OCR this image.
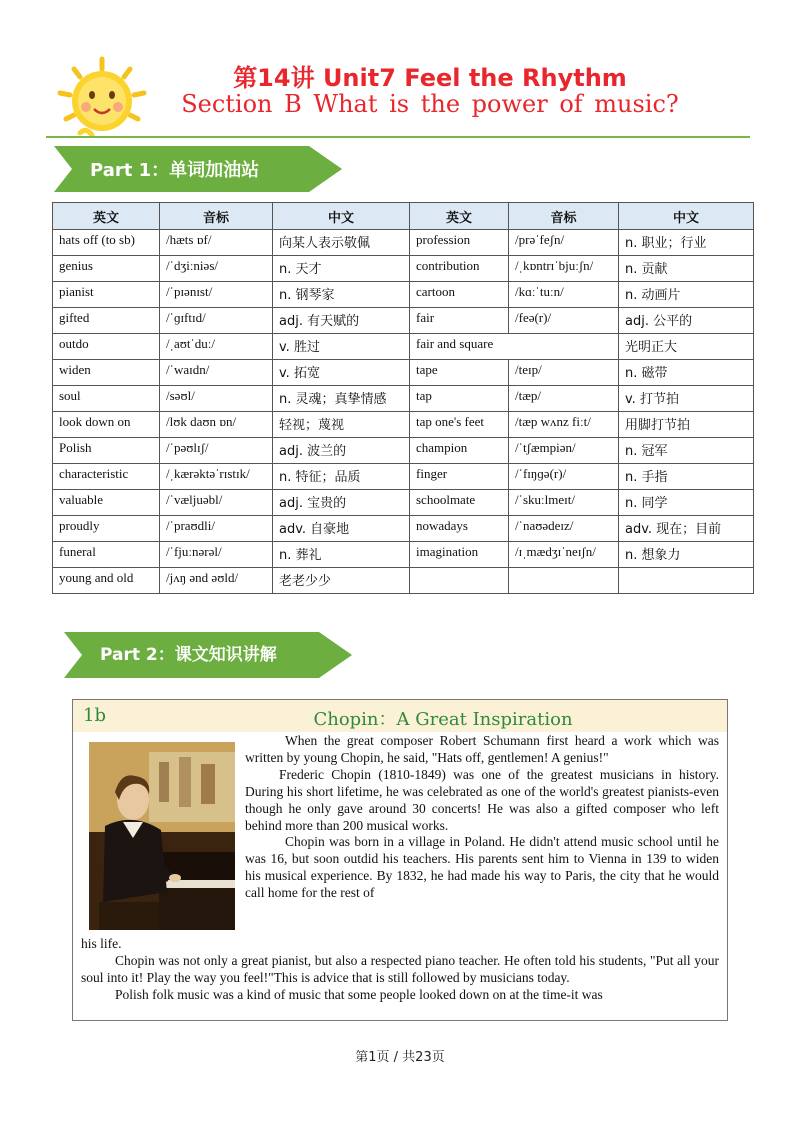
第14讲 Unit7 Feel the Rhythm
Section B What is the power of music?
Part 1：单词加油站
英文	音标	中文	英文	音标	中文
hats off (to sb)	/hæts ɒf/	向某人表示敬佩	profession	/prəˈfeʃn/	n. 职业；行业
genius	/ˈdʒiːniəs/	n. 天才	contribution	/ˌkɒntrɪˈbjuːʃn/	n. 贡献
pianist	/ˈpɪənɪst/	n. 钢琴家	cartoon	/kɑːˈtuːn/	n. 动画片
gifted	/ˈɡɪftɪd/	adj. 有天赋的	fair	/feə(r)/	adj. 公平的
outdo	/ˌaʊtˈduː/	v. 胜过	fair and square		光明正大
widen	/ˈwaɪdn/	v. 拓宽	tape	/teɪp/	n. 磁带
soul	/səʊl/	n. 灵魂；真挚情感	tap	/tæp/	v. 打节拍
look down on	/lʊk daʊn ɒn/	轻视；蔑视	tap one's feet	/tæp wʌnz fiːt/	用脚打节拍
Polish	/ˈpəʊlɪʃ/	adj. 波兰的	champion	/ˈtʃæmpiən/	n. 冠军
characteristic	/ˌkærəktəˈrɪstɪk/	n. 特征；品质	finger	/ˈfɪŋɡə(r)/	n. 手指
valuable	/ˈvæljuəbl/	adj. 宝贵的	schoolmate	/ˈskuːlmeɪt/	n. 同学
proudly	/ˈpraʊdli/	adv. 自豪地	nowadays	/ˈnaʊədeɪz/	adv. 现在；目前
funeral	/ˈfjuːnərəl/	n. 葬礼	imagination	/ɪˌmædʒɪˈneɪʃn/	n. 想象力
young and old	/jʌŋ ənd əʊld/	老老少少			
Part 2：课文知识讲解
1b	Chopin：A Great Inspiration

When the great composer Robert Schumann first heard a work which was written by young Chopin, he said, "Hats off, gentlemen! A genius!"

Frederic Chopin (1810-1849) was one of the greatest musicians in history. During his short lifetime, he was celebrated as one of the world's greatest pianists-even though he only gave around 30 concerts! He was also a gifted composer who left behind more than 200 musical works.

Chopin was born in a village in Poland. He didn't attend music school until he was 16, but soon outdid his teachers. His parents sent him to Vienna in 139 to widen his musical experience. By 1832, he had made his way to Paris, the city that he would call home for the rest of

his life.

Chopin was not only a great pianist, but also a respected piano teacher. He often told his students, "Put all your soul into it! Play the way you feel!"This is advice that is still followed by musicians today.

Polish folk music was a kind of music that some people looked down on at the time-it was

第1页 / 共23页
